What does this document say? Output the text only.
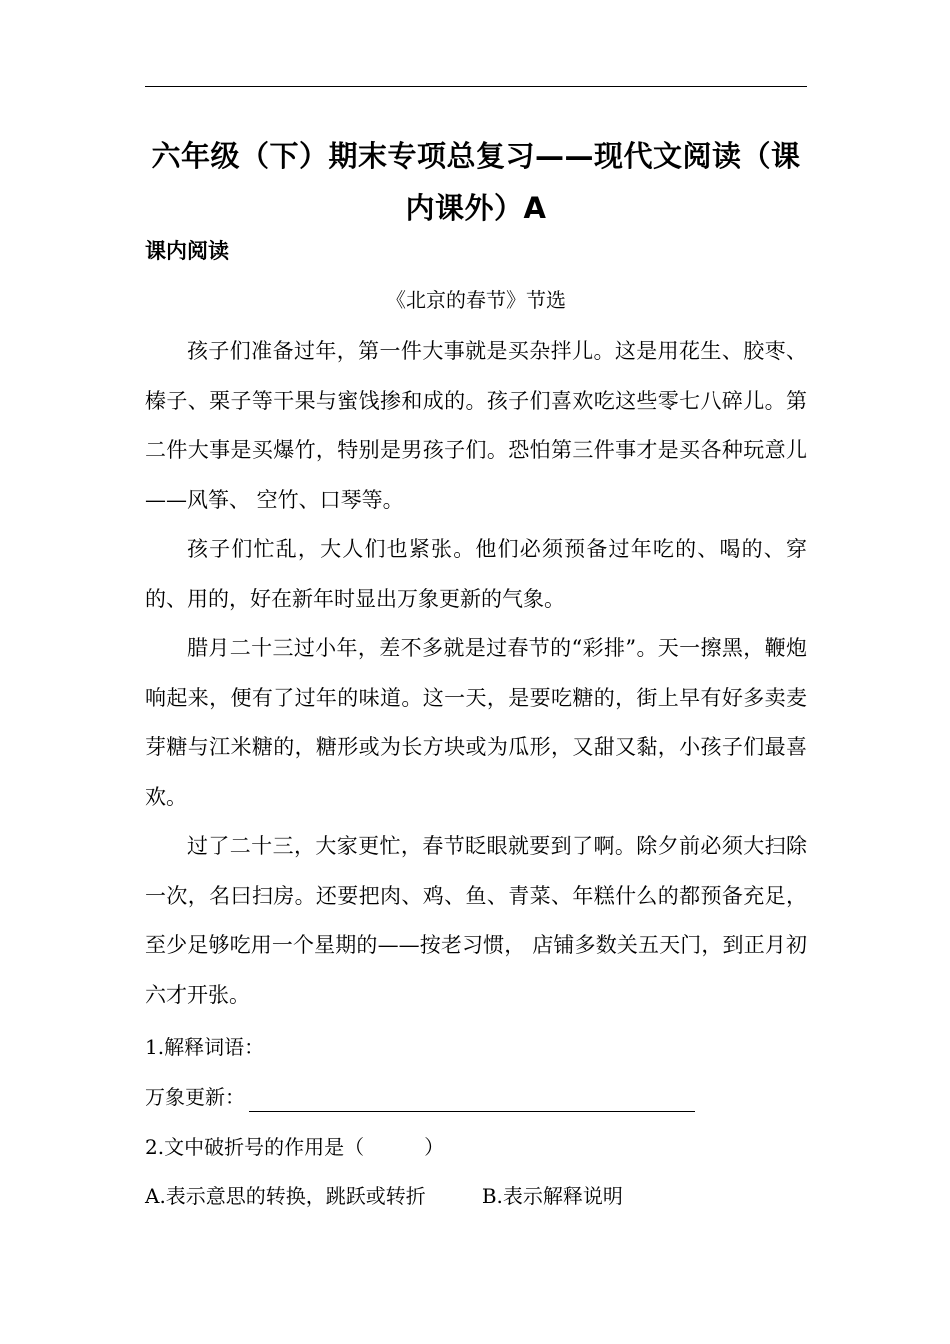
六年级（下）期末专项总复习——现代文阅读（课内课外）A
课内阅读
《北京的春节》节选

孩子们准备过年，第一件大事就是买杂拌儿。这是用花生、胶枣、榛子、栗子等干果与蜜饯掺和成的。孩子们喜欢吃这些零七八碎儿。第二件大事是买爆竹，特别是男孩子们。恐怕第三件事才是买各种玩意儿——风筝、 空竹、口琴等。

孩子们忙乱，大人们也紧张。他们必须预备过年吃的、喝的、穿的、用的，好在新年时显出万象更新的气象。

腊月二十三过小年，差不多就是过春节的“彩排”。天一擦黑，鞭炮响起来，便有了过年的味道。这一天，是要吃糖的，街上早有好多卖麦芽糖与江米糖的，糖形或为长方块或为瓜形，又甜又黏，小孩子们最喜欢。

过了二十三，大家更忙，春节眨眼就要到了啊。除夕前必须大扫除一次，名曰扫房。还要把肉、鸡、鱼、青菜、年糕什么的都预备充足，至少足够吃用一个星期的——按老习惯， 店铺多数关五天门，到正月初六才开张。

1.解释词语：
万象更新：
2.文中破折号的作用是（　　　）
A.表示意思的转换，跳跃或转折	B.表示解释说明
